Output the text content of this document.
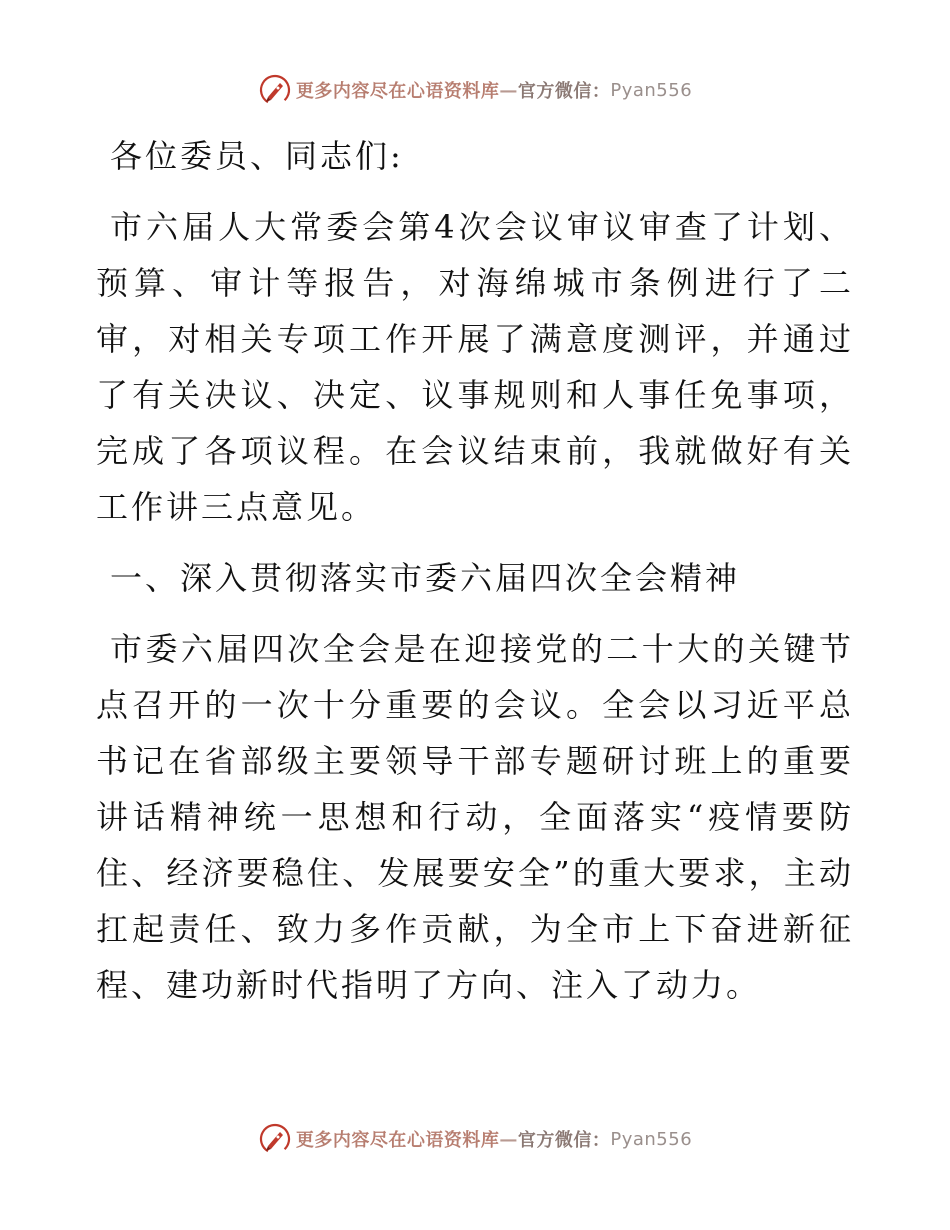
更多内容尽在心语资料库 — 官方微信： Pyan556

各位委员、同志们:

市六届人大常委会第4次会议审议审查了计划、预算、审计等报告，对海绵城市条例进行了二审，对相关专项工作开展了满意度测评，并通过了有关决议、决定、议事规则和人事任免事项，完成了各项议程。在会议结束前，我就做好有关工作讲三点意见。

一、深入贯彻落实市委六届四次全会精神

市委六届四次全会是在迎接党的二十大的关键节点召开的一次十分重要的会议。全会以习近平总书记在省部级主要领导干部专题研讨班上的重要讲话精神统一思想和行动，全面落实“疫情要防住、经济要稳住、发展要安全”的重大要求，主动扛起责任、致力多作贡献，为全市上下奋进新征程、建功新时代指明了方向、注入了动力。

更多内容尽在心语资料库 — 官方微信： Pyan556
